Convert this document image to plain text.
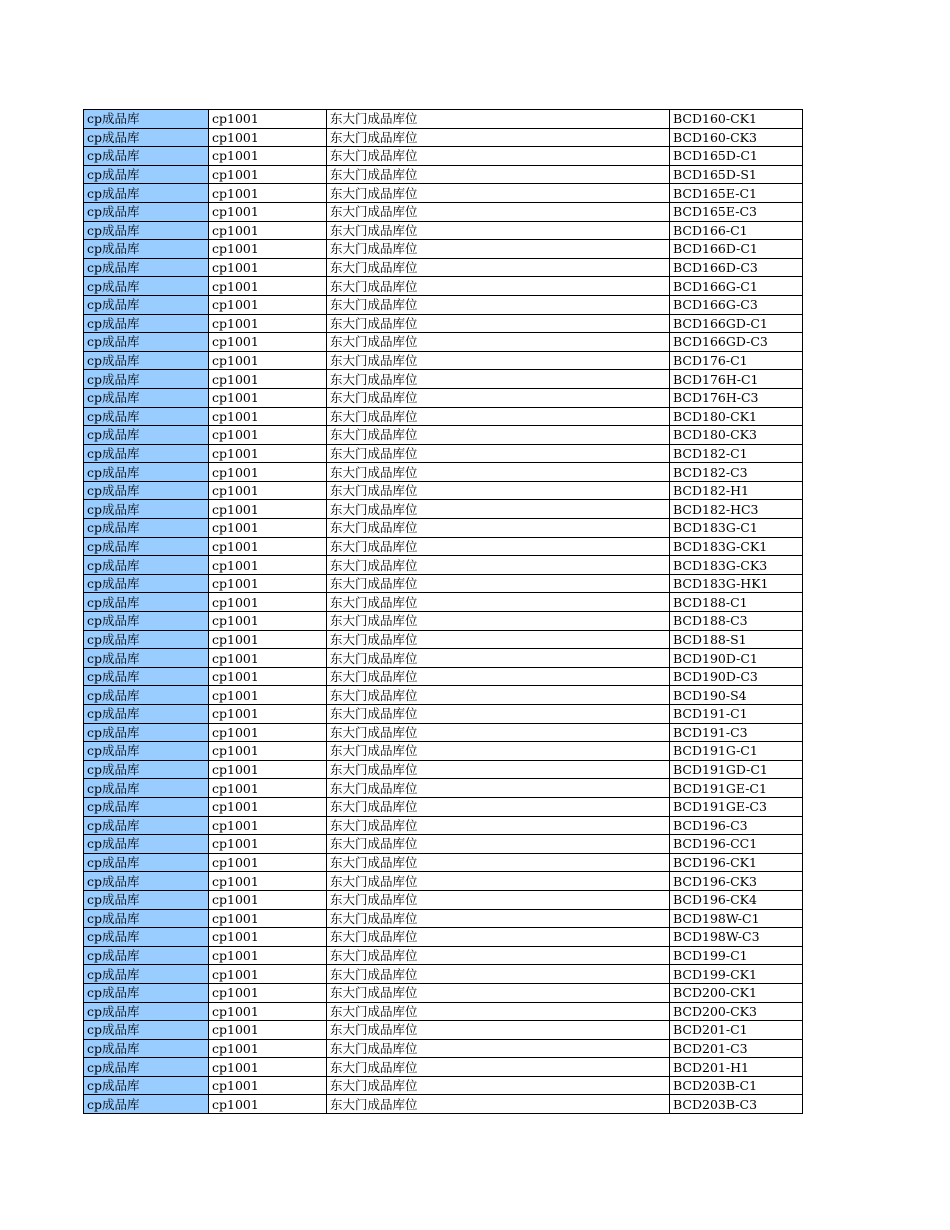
cp成品库	cp1001	东大门成品库位	BCD160-CK1
cp成品库	cp1001	东大门成品库位	BCD160-CK3
cp成品库	cp1001	东大门成品库位	BCD165D-C1
cp成品库	cp1001	东大门成品库位	BCD165D-S1
cp成品库	cp1001	东大门成品库位	BCD165E-C1
cp成品库	cp1001	东大门成品库位	BCD165E-C3
cp成品库	cp1001	东大门成品库位	BCD166-C1
cp成品库	cp1001	东大门成品库位	BCD166D-C1
cp成品库	cp1001	东大门成品库位	BCD166D-C3
cp成品库	cp1001	东大门成品库位	BCD166G-C1
cp成品库	cp1001	东大门成品库位	BCD166G-C3
cp成品库	cp1001	东大门成品库位	BCD166GD-C1
cp成品库	cp1001	东大门成品库位	BCD166GD-C3
cp成品库	cp1001	东大门成品库位	BCD176-C1
cp成品库	cp1001	东大门成品库位	BCD176H-C1
cp成品库	cp1001	东大门成品库位	BCD176H-C3
cp成品库	cp1001	东大门成品库位	BCD180-CK1
cp成品库	cp1001	东大门成品库位	BCD180-CK3
cp成品库	cp1001	东大门成品库位	BCD182-C1
cp成品库	cp1001	东大门成品库位	BCD182-C3
cp成品库	cp1001	东大门成品库位	BCD182-H1
cp成品库	cp1001	东大门成品库位	BCD182-HC3
cp成品库	cp1001	东大门成品库位	BCD183G-C1
cp成品库	cp1001	东大门成品库位	BCD183G-CK1
cp成品库	cp1001	东大门成品库位	BCD183G-CK3
cp成品库	cp1001	东大门成品库位	BCD183G-HK1
cp成品库	cp1001	东大门成品库位	BCD188-C1
cp成品库	cp1001	东大门成品库位	BCD188-C3
cp成品库	cp1001	东大门成品库位	BCD188-S1
cp成品库	cp1001	东大门成品库位	BCD190D-C1
cp成品库	cp1001	东大门成品库位	BCD190D-C3
cp成品库	cp1001	东大门成品库位	BCD190-S4
cp成品库	cp1001	东大门成品库位	BCD191-C1
cp成品库	cp1001	东大门成品库位	BCD191-C3
cp成品库	cp1001	东大门成品库位	BCD191G-C1
cp成品库	cp1001	东大门成品库位	BCD191GD-C1
cp成品库	cp1001	东大门成品库位	BCD191GE-C1
cp成品库	cp1001	东大门成品库位	BCD191GE-C3
cp成品库	cp1001	东大门成品库位	BCD196-C3
cp成品库	cp1001	东大门成品库位	BCD196-CC1
cp成品库	cp1001	东大门成品库位	BCD196-CK1
cp成品库	cp1001	东大门成品库位	BCD196-CK3
cp成品库	cp1001	东大门成品库位	BCD196-CK4
cp成品库	cp1001	东大门成品库位	BCD198W-C1
cp成品库	cp1001	东大门成品库位	BCD198W-C3
cp成品库	cp1001	东大门成品库位	BCD199-C1
cp成品库	cp1001	东大门成品库位	BCD199-CK1
cp成品库	cp1001	东大门成品库位	BCD200-CK1
cp成品库	cp1001	东大门成品库位	BCD200-CK3
cp成品库	cp1001	东大门成品库位	BCD201-C1
cp成品库	cp1001	东大门成品库位	BCD201-C3
cp成品库	cp1001	东大门成品库位	BCD201-H1
cp成品库	cp1001	东大门成品库位	BCD203B-C1
cp成品库	cp1001	东大门成品库位	BCD203B-C3
